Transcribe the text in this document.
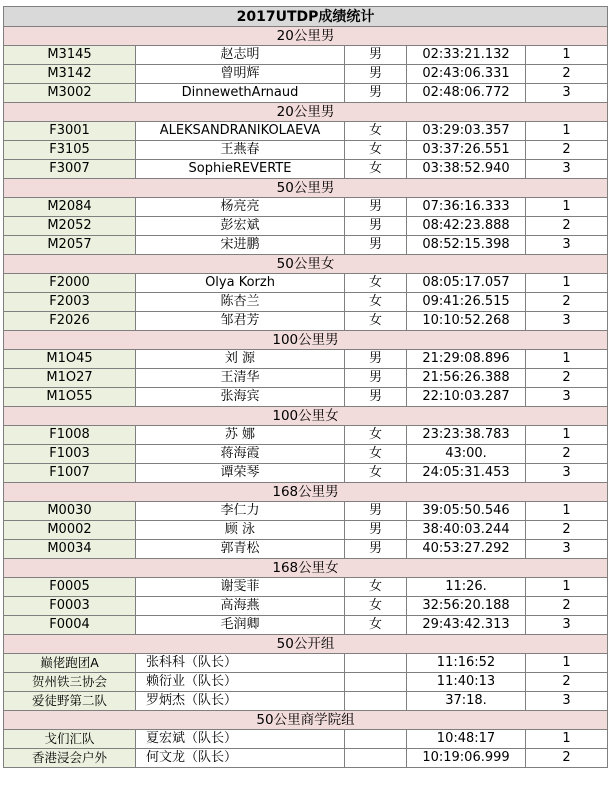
2017UTDP成绩统计				
20公里男				
M3145	赵志明	男	02:33:21.132	1
M3142	曾明辉	男	02:43:06.331	2
M3002	DinnewethArnaud	男	02:48:06.772	3
20公里男				
F3001	ALEKSANDRANIKOLAEVA	女	03:29:03.357	1
F3105	王燕春	女	03:37:26.551	2
F3007	SophieREVERTE	女	03:38:52.940	3
50公里男				
M2084	杨亮亮	男	07:36:16.333	1
M2052	彭宏斌	男	08:42:23.888	2
M2057	宋进鹏	男	08:52:15.398	3
50公里女				
F2000	Olya Korzh	女	08:05:17.057	1
F2003	陈杏兰	女	09:41:26.515	2
F2026	邹君芳	女	10:10:52.268	3
100公里男				
M1O45	刘 源	男	21:29:08.896	1
M1O27	王清华	男	21:56:26.388	2
M1O55	张海宾	男	22:10:03.287	3
100公里女				
F1008	苏 娜	女	23:23:38.783	1
F1003	蒋海霞	女	43:00.	2
F1007	谭荣琴	女	24:05:31.453	3
168公里男				
M0030	李仁力	男	39:05:50.546	1
M0002	顾 泳	男	38:40:03.244	2
M0034	郭青松	男	40:53:27.292	3
168公里女				
F0005	谢雯菲	女	11:26.	1
F0003	高海燕	女	32:56:20.188	2
F0004	毛润卿	女	29:43:42.313	3
50公开组				
巅佬跑团A	张科科（队长）		11:16:52	1
贺州铁三协会	赖衍业（队长）		11:40:13	2
爱徒野第二队	罗炳杰（队长）		37:18.	3
50公里商学院组				
戈们汇队	夏宏斌（队长）		10:48:17	1
香港浸会户外	何文龙（队长）		10:19:06.999	2
